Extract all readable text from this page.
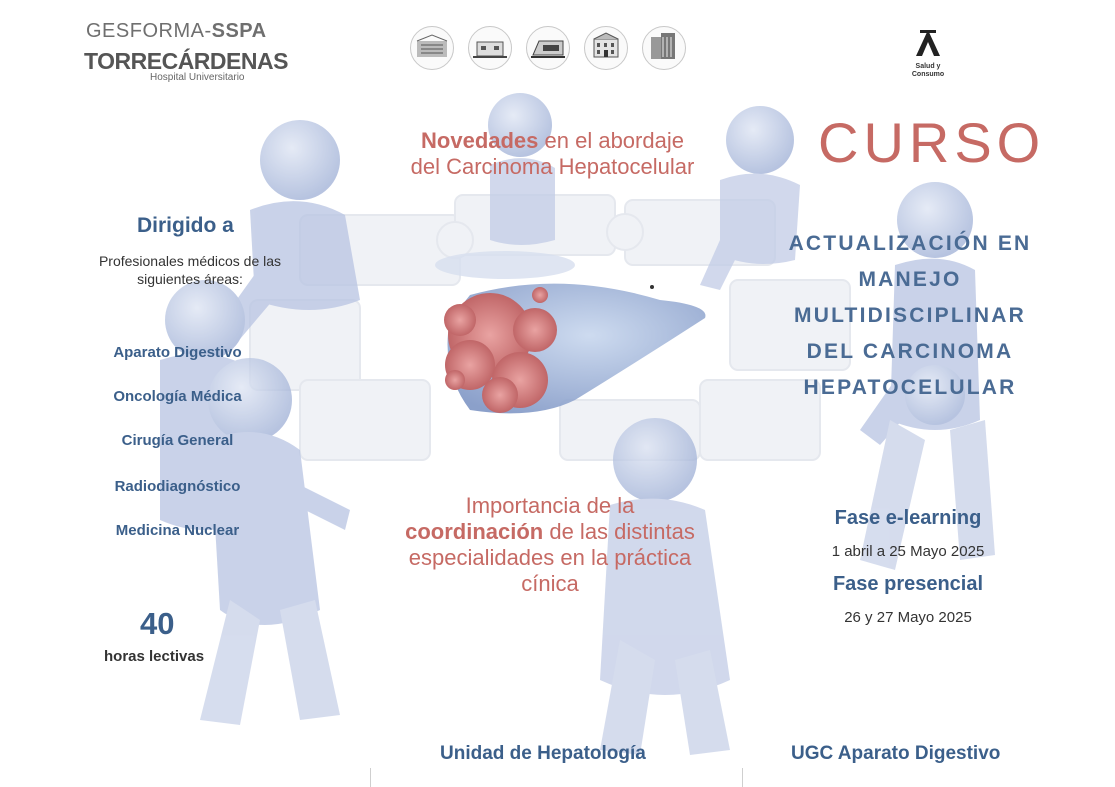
GESFORMA-SSPA
TORRECÁRDENAS
Hospital Universitario
Salud y
Consumo
CURSO
ACTUALIZACIÓN EN
MANEJO
MULTIDISCIPLINAR
DEL CARCINOMA
HEPATOCELULAR
Novedades en el abordaje del Carcinoma Hepatocelular
Importancia de la coordinación de las distintas especialidades en la práctica cínica
Dirigido a
Profesionales médicos de las siguientes áreas:
Aparato Digestivo
Oncología Médica
Cirugía General
Radiodiagnóstico
Medicina Nuclear
40
horas lectivas
Fase e-learning
1 abril a 25 Mayo 2025
Fase presencial
26 y 27 Mayo 2025
Unidad de Hepatología	UGC Aparato Digestivo
